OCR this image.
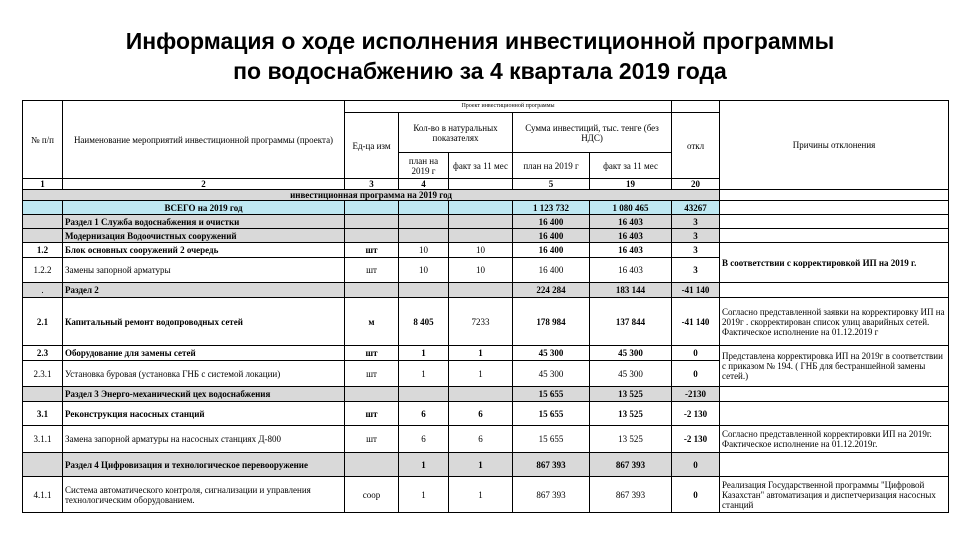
Информация о ходе исполнения инвестиционной программы
по водоснабжению за 4 квартала 2019 года
№ п/п	Наименование мероприятий инвестиционной программы (проекта)	Проект инвестиционной программы						Причины отклонения	
		Ед-ца изм	Кол-во в натуральных показателях		Сумма инвестиций, тыс. тенге (без НДС)		откл		
			план на 2019 г	факт за 11 мес	план на 2019 г	факт за 11 мес			
1	2	3	4		5	19	20	
инвестиционная программа на 2019 год									
	ВСЕГО на 2019 год				1 123 732	1 080 465	43267		
	Раздел 1 Служба водоснабжения и очистки				16 400	16 403	3		
	Модернизация Водоочистных сооружений				16 400	16 403	3		
1.2	Блок основных сооружений 2 очередь	шт	10	10	16 400	16 403	3	В соответствии с корректировкой ИП на 2019 г.	
1.2.2	Замены запорной арматуры	шт	10	10	16 400	16 403	3		
.	Раздел 2				224 284	183 144	-41 140		
2.1	Капитальный ремонт водопроводных сетей	м	8 405	7233	178 984	137 844	-41 140	Согласно представленной заявки на корректировку ИП на 2019г . скорректирован список улиц аварийных сетей. Фактическое исполнение на 01.12.2019 г	
2.3	Оборудование для замены сетей	шт	1	1	45 300	45 300	0	Представлена корректировка ИП на 2019г в соответствии с приказом № 194. ( ГНБ для бестраншейной замены сетей.)	
2.3.1	Установка буровая (установка ГНБ с системой локации)	шт	1	1	45 300	45 300	0		
	Раздел 3 Энерго-механический цех водоснабжения				15 655	13 525	-2130		
3.1	Реконструкция насосных станций	шт	6	6	15 655	13 525	-2 130		
3.1.1	Замена запорной арматуры на насосных станциях Д-800	шт	6	6	15 655	13 525	-2 130	Согласно представленной корректировки ИП на 2019г. Фактическое исполнение на 01.12.2019г.	
	Раздел 4 Цифровизация и технологическое перевооружение		1	1	867 393	867 393	0		
4.1.1	Система автоматического контроля, сигнализации и управления технологическим оборудованием.	соор	1	1	867 393	867 393	0	Реализация Государственной программы "Цифровой Казахстан" автоматизация и диспетчеризация насосных станций	
